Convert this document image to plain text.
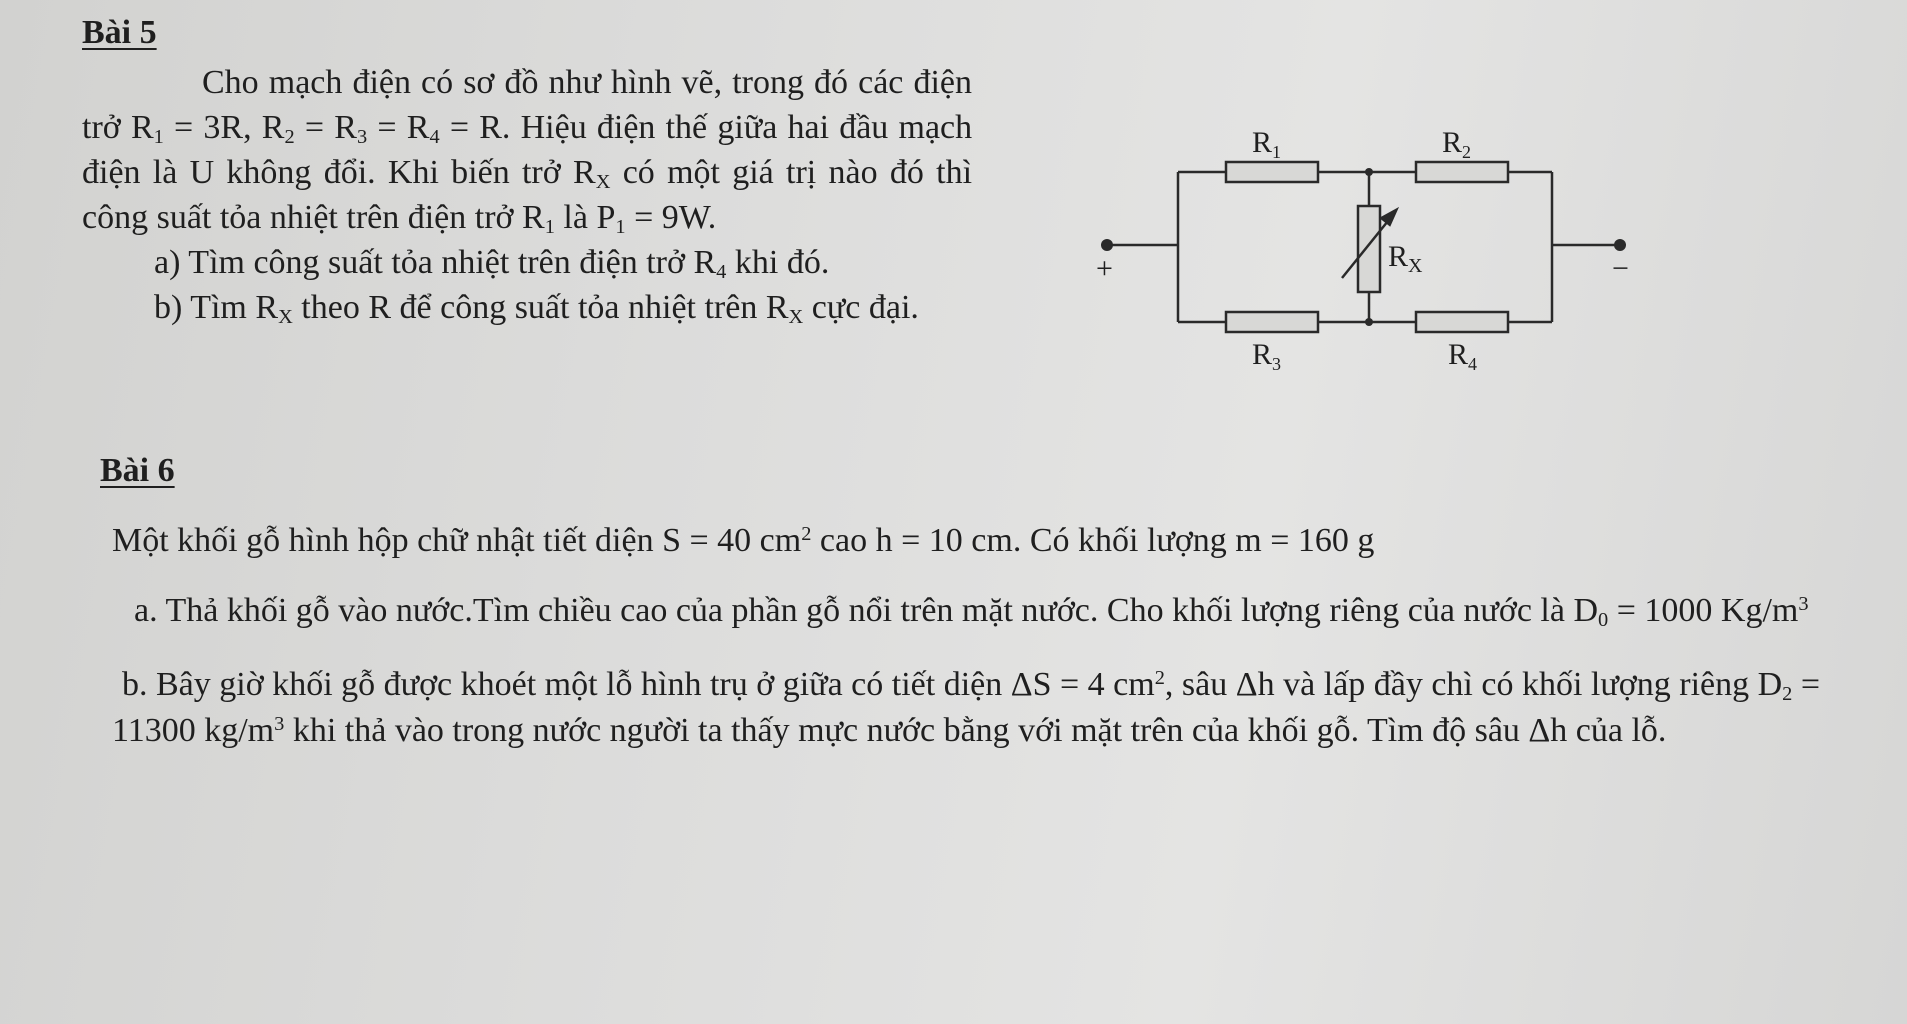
Bài 5

Cho mạch điện có sơ đồ như hình vẽ, trong đó các điện trở $R_1 = 3R$, $R_2 = R_3 = R_4 = R$. Hiệu điện thế giữa hai đầu mạch điện là U không đổi. Khi biến trở $R_X$ có một giá trị nào đó thì công suất tỏa nhiệt trên điện trở $R_1$ là $P_1 = 9W$.

a) Tìm công suất tỏa nhiệt trên điện trở $R_4$ khi đó.

b) Tìm $R_X$ theo R để công suất tỏa nhiệt trên $R_X$ cực đại.

$R_1$	$R_2$
$R_3$	$R_4$
$R_X$
+	−
Bài 6

Một khối gỗ hình hộp chữ nhật tiết diện S = 40 $cm^2$ cao h = 10 cm. Có khối lượng m = 160 g

a. Thả khối gỗ vào nước.Tìm chiều cao của phần gỗ nổi trên mặt nước. Cho khối lượng riêng của nước là $D_0 = 1000$ $Kg/m^3$

b. Bây giờ khối gỗ được khoét một lỗ hình trụ ở giữa có tiết diện ΔS = 4 $cm^2$, sâu Δh và lấp đầy chì có khối lượng riêng $D_2 = 11300$ $kg/m^3$ khi thả vào trong nước người ta thấy mực nước bằng với mặt trên của khối gỗ. Tìm độ sâu Δh của lỗ.
